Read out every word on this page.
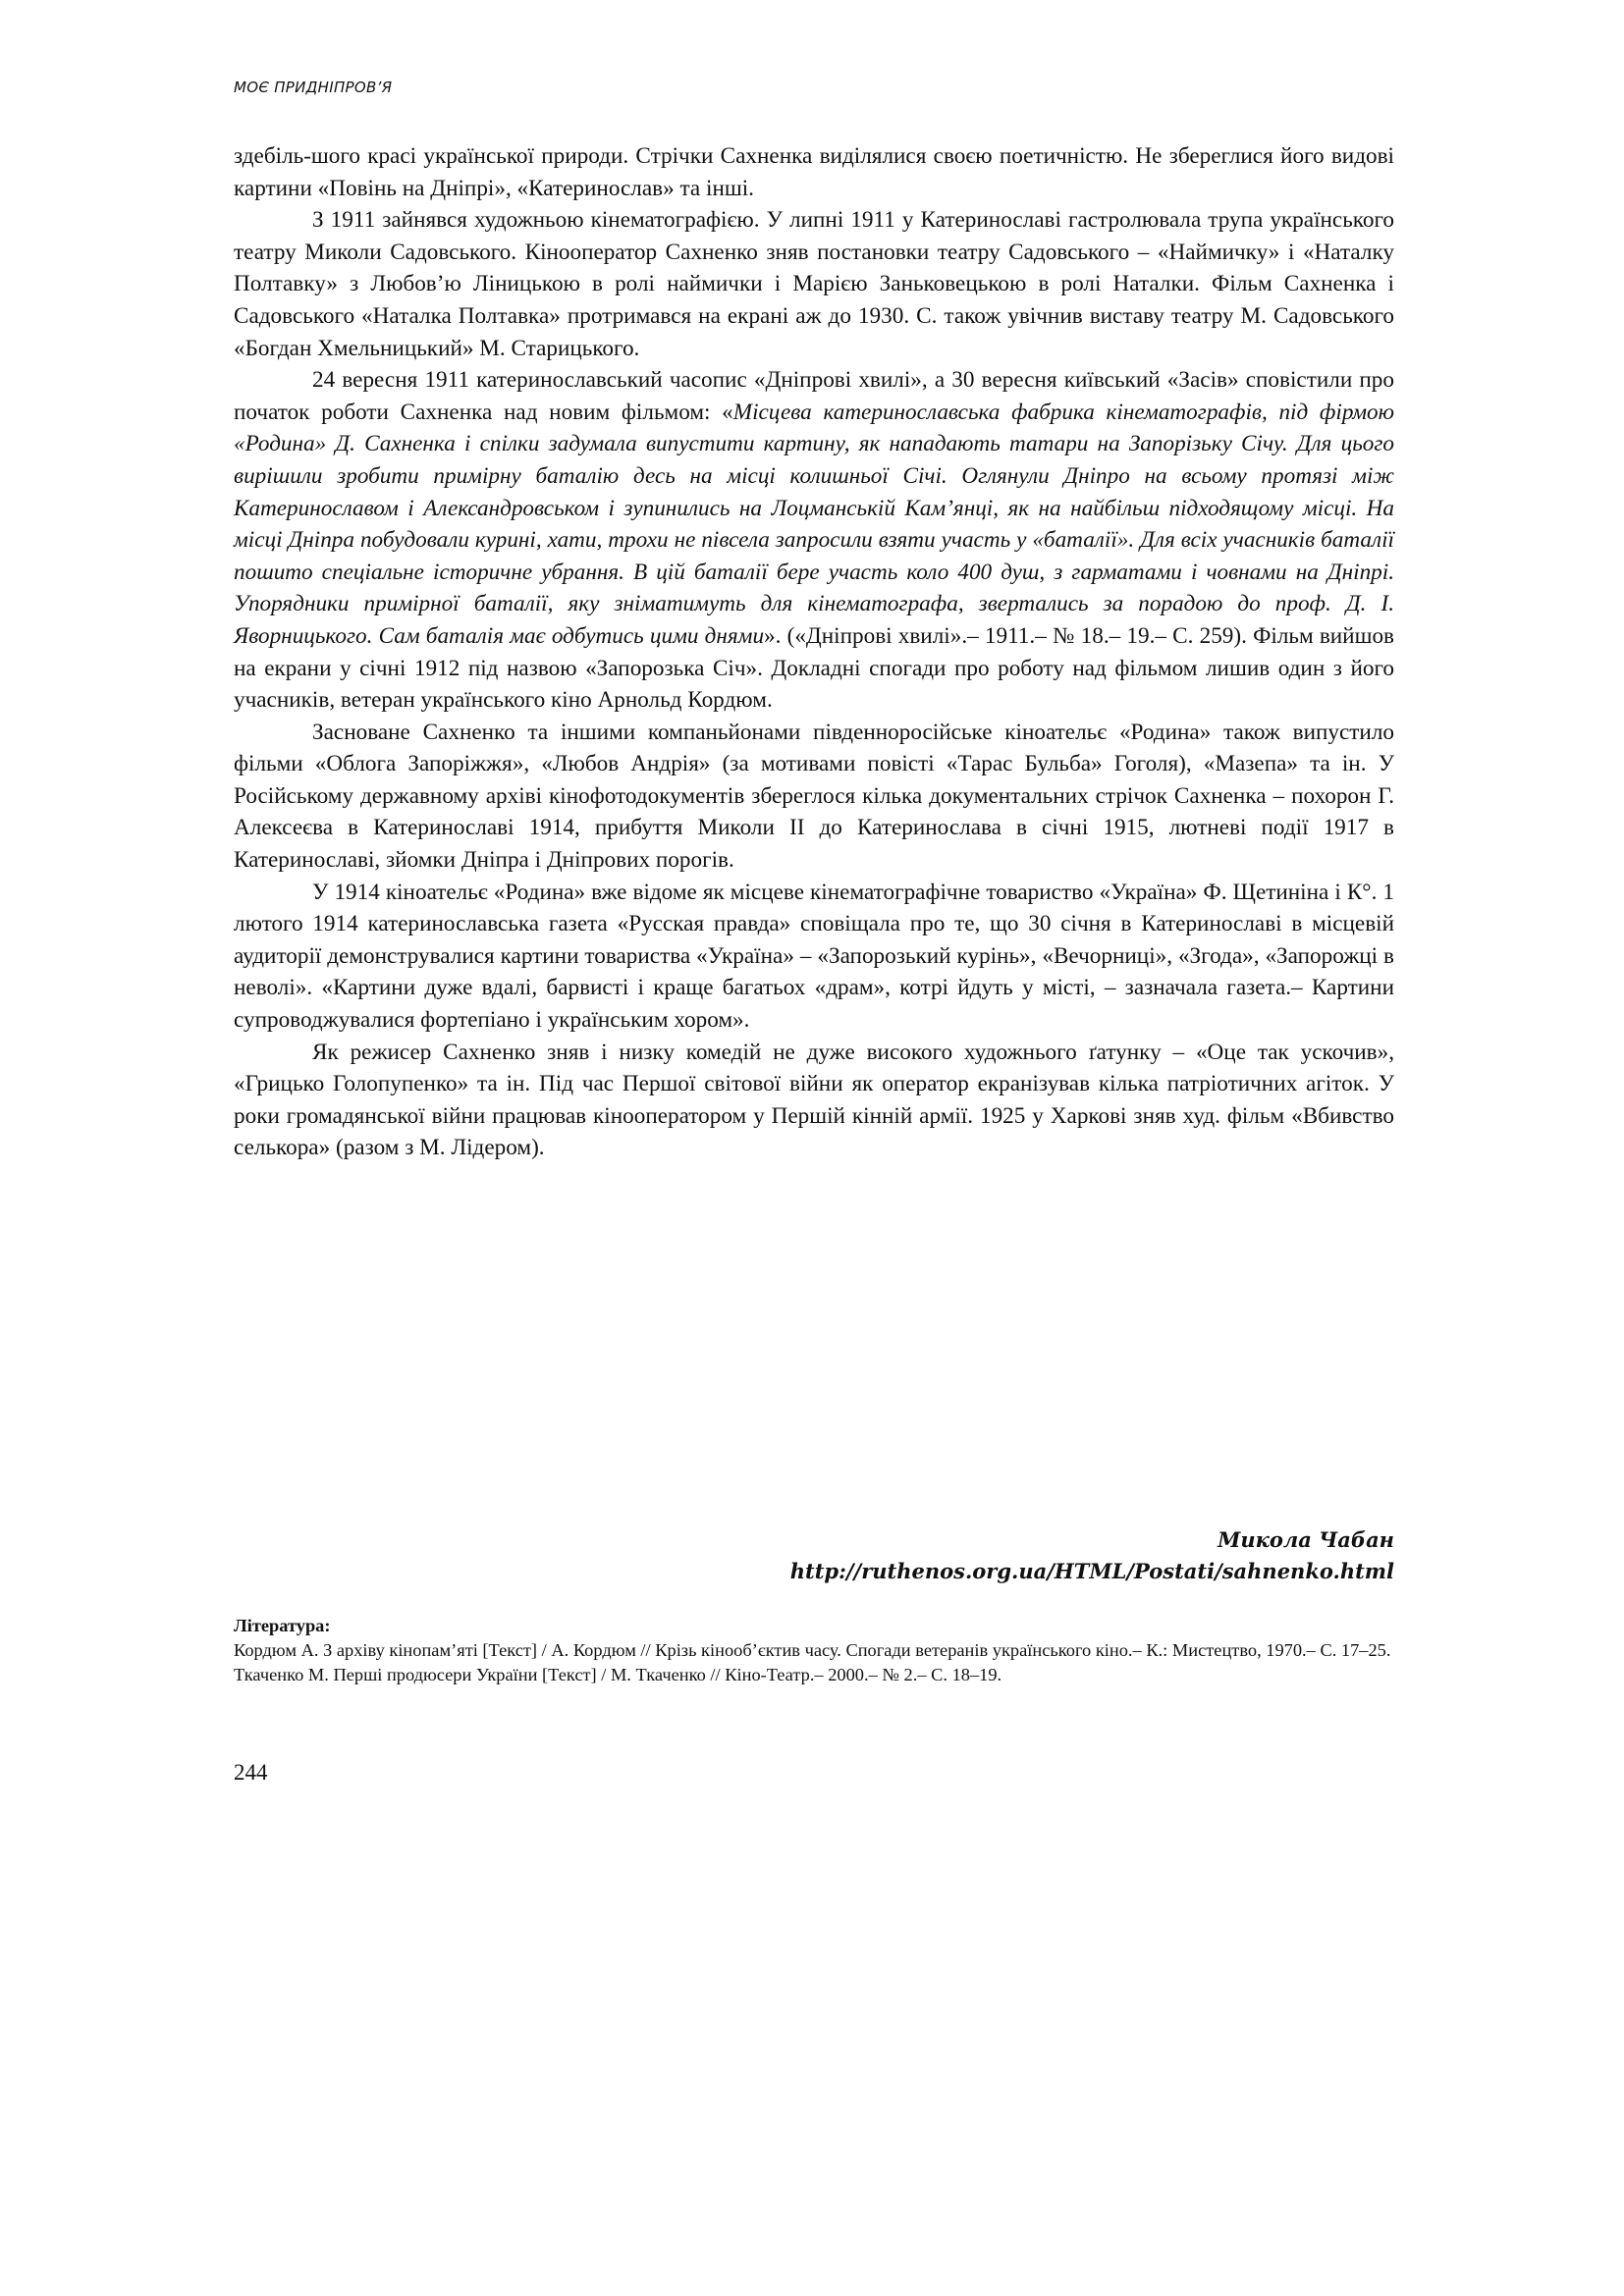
МОЄ ПРИДНІПРОВ’Я

здебіль-шого красі української природи. Стрічки Сахненка виділялися своєю поетичністю. Не збереглися його видові картини «Повінь на Дніпрі», «Катеринослав» та інші.

З 1911 зайнявся художньою кінематографією. У липні 1911 у Катеринославі гастролювала трупа українського театру Миколи Садовського. Кінооператор Сахненко зняв постановки театру Садовського – «Наймичку» і «Наталку Полтавку» з Любов’ю Ліницькою в ролі наймички і Марією Заньковецькою в ролі Наталки. Фільм Сахненка і Садовського «Наталка Полтавка» протримався на екрані аж до 1930. С. також увічнив виставу театру М. Садовського «Богдан Хмельницький» М. Старицького.

24 вересня 1911 катеринославський часопис «Дніпрові хвилі», а 30 вересня київський «Засів» сповістили про початок роботи Сахненка над новим фільмом: «Місцева катеринославська фабрика кінематографів, під фірмою «Родина» Д. Сахненка і спілки задумала випустити картину, як нападають татари на Запорізьку Січу. Для цього вирішили зробити примірну баталію десь на місці колишньої Січі. Оглянули Дніпро на всьому протязі між Катеринославом і Александровськом і зупинились на Лоцманській Кам’янці, як на найбільш підходящому місці. На місці Дніпра побудовали курині, хати, трохи не півсела запросили взяти участь у «баталії». Для всіх учасників баталії пошито спеціальне історичне убрання. В цій баталії бере участь коло 400 душ, з гарматами і човнами на Дніпрі. Упорядники примірної баталії, яку зніматимуть для кінематографа, звертались за порадою до проф. Д. І. Яворницького. Сам баталія має одбутись цими днями». («Дніпрові хвилі».– 1911.– № 18.– 19.– С. 259). Фільм вийшов на екрани у січні 1912 під назвою «Запорозька Січ». Докладні спогади про роботу над фільмом лишив один з його учасників, ветеран українського кіно Арнольд Кордюм.

Засноване Сахненко та іншими компаньйонами південноросійське кіноательє «Родина» також випустило фільми «Облога Запоріжжя», «Любов Андрія» (за мотивами повісті «Тарас Бульба» Гоголя), «Мазепа» та ін. У Російському державному архіві кінофотодокументів збереглося кілька документальних стрічок Сахненка – похорон Г. Алексеєва в Катеринославі 1914, прибуття Миколи ІІ до Катеринослава в січні 1915, лютневі події 1917 в Катеринославі, зйомки Дніпра і Дніпрових порогів.

У 1914 кіноательє «Родина» вже відоме як місцеве кінематографічне товариство «Україна» Ф. Щетиніна і К°. 1 лютого 1914 катеринославська газета «Русская правда» сповіщала про те, що 30 січня в Катеринославі в місцевій аудиторії демонструвалися картини товариства «Україна» – «Запорозький курінь», «Вечорниці», «Згода», «Запорожці в неволі». «Картини дуже вдалі, барвисті і краще багатьох «драм», котрі йдуть у місті, – зазначала газета.– Картини супроводжувалися фортепіано і українським хором».

Як режисер Сахненко зняв і низку комедій не дуже високого художнього ґатунку – «Оце так ускочив», «Грицько Голопупенко» та ін. Під час Першої світової війни як оператор екранізував кілька патріотичних агіток. У роки громадянської війни працював кінооператором у Першій кінній армії. 1925 у Харкові зняв худ. фільм «Вбивство селькора» (разом з М. Лідером).

Микола Чабан
http://ruthenos.org.ua/HTML/Postati/sahnenko.html

Література:

Кордюм А. З архіву кінопам’яті [Текст] / А. Кордюм // Крізь кінооб’єктив часу. Спогади ветеранів українського кіно.– К.: Мистецтво, 1970.– С. 17–25.

Ткаченко М. Перші продюсери України [Текст] / М. Ткаченко // Кіно-Театр.– 2000.– № 2.– С. 18–19.

244
